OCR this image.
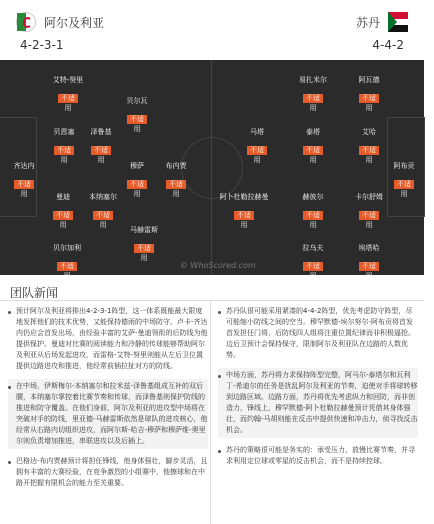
阿尔及利亚	苏丹
4-2-3-1	4-4-2
© WhoScored.com
艾特-努里
不适
用
贝尔瓦
不适
用
贝恩塞
不适
用
泽鲁基
不适
用
齐达内
不适
用
穆萨
不适
用
布内贾
不适
用
曼迪
不适
用
本纳塞尔
不适
用
马赫雷斯
不适
用
贝尔加利
不适
用
易扎米尔
不适
用
阿瓦德
不适
用
马塔
不适
用
泰塔
不适
用
艾哈
不适
用
阿布贡
不适
用
阿卜杜勒拉赫曼
不适
用
赫彼尔
不适
用
卡尔舒姆
不适
用
拉乌夫
不适
用
埃塔哈
不适
用
团队新闻

预计阿尔及利亚将排出4-2-3-1阵型，这一体系既能最大限度地发挥他们的技术优势，又能保持德雨的中场防守。卢卡-齐达内仍应会首发出场，由经验丰富的艾萨-曼迪领衔的后防线为他提供保护。曼迪对比赛的阅读能力和冷静的传球能够帮助阿尔及利亚从后场发起进攻，而雷格-艾特-努里则能从左后卫位置提供边路进攻和推进，他经常前插拉扯对方的防线。

在中场，伊斯梅尔-本纳塞尔和拉米兹-泽鲁基组成互补的双后腰，本纳塞尔掌控着比赛节奏和传球，而泽鲁基则保护防线的推进和防守覆盖。在他们身前，阿尔及利亚的进攻型中场将在突破对手的防线，里亚德-马赫雷斯依然是球队的进攻核心，他经常从右路内切组织进攻，而阿尔斯-哈吉-穆萨和穆萨维-奥里尔则负责增加推进，串联进攻以及后插上。

巴格达-布内贾赫预计将担任锋线，他身体强壮，脚步灵活，且拥有丰富的大赛经验，在竞争激烈的小组赛中，他擦球和在中路开把握有限机会的能力至关重要。

苏丹队很可能采用紧凑的4-4-2阵型，优先考虑防守阵型，尽可能缩小防线之间的空当。穆罕默德-埃尔努尔-阿布贡将首发首发担任门将，后防线四人组将注重位置纪律而非积极逼抢。边后卫预计会保持保守，限制阿尔及利亚队在边路的人数优势。

中场方面，苏丹将力求保持阵型完整，阿马尔-泰塔尔和瓦利丁-希迪尔的任务是扰乱阿尔及利亚的节奏，迫使对手将球转移到边路区域。边路方面，苏丹将优先考虑纵力和回防，而非创造力，锋线上，穆罕默德-阿卜杜勒拉赫曼预计凭借其身体强壮，而约翰-马胡则能在反击中提供快速和冲击力，侦寻找反击机会。

苏丹的策略很可能是务实的：承受压力，放慢比赛节奏，并寻求利用定位球或零星的反击机会，而不是持续控球。
